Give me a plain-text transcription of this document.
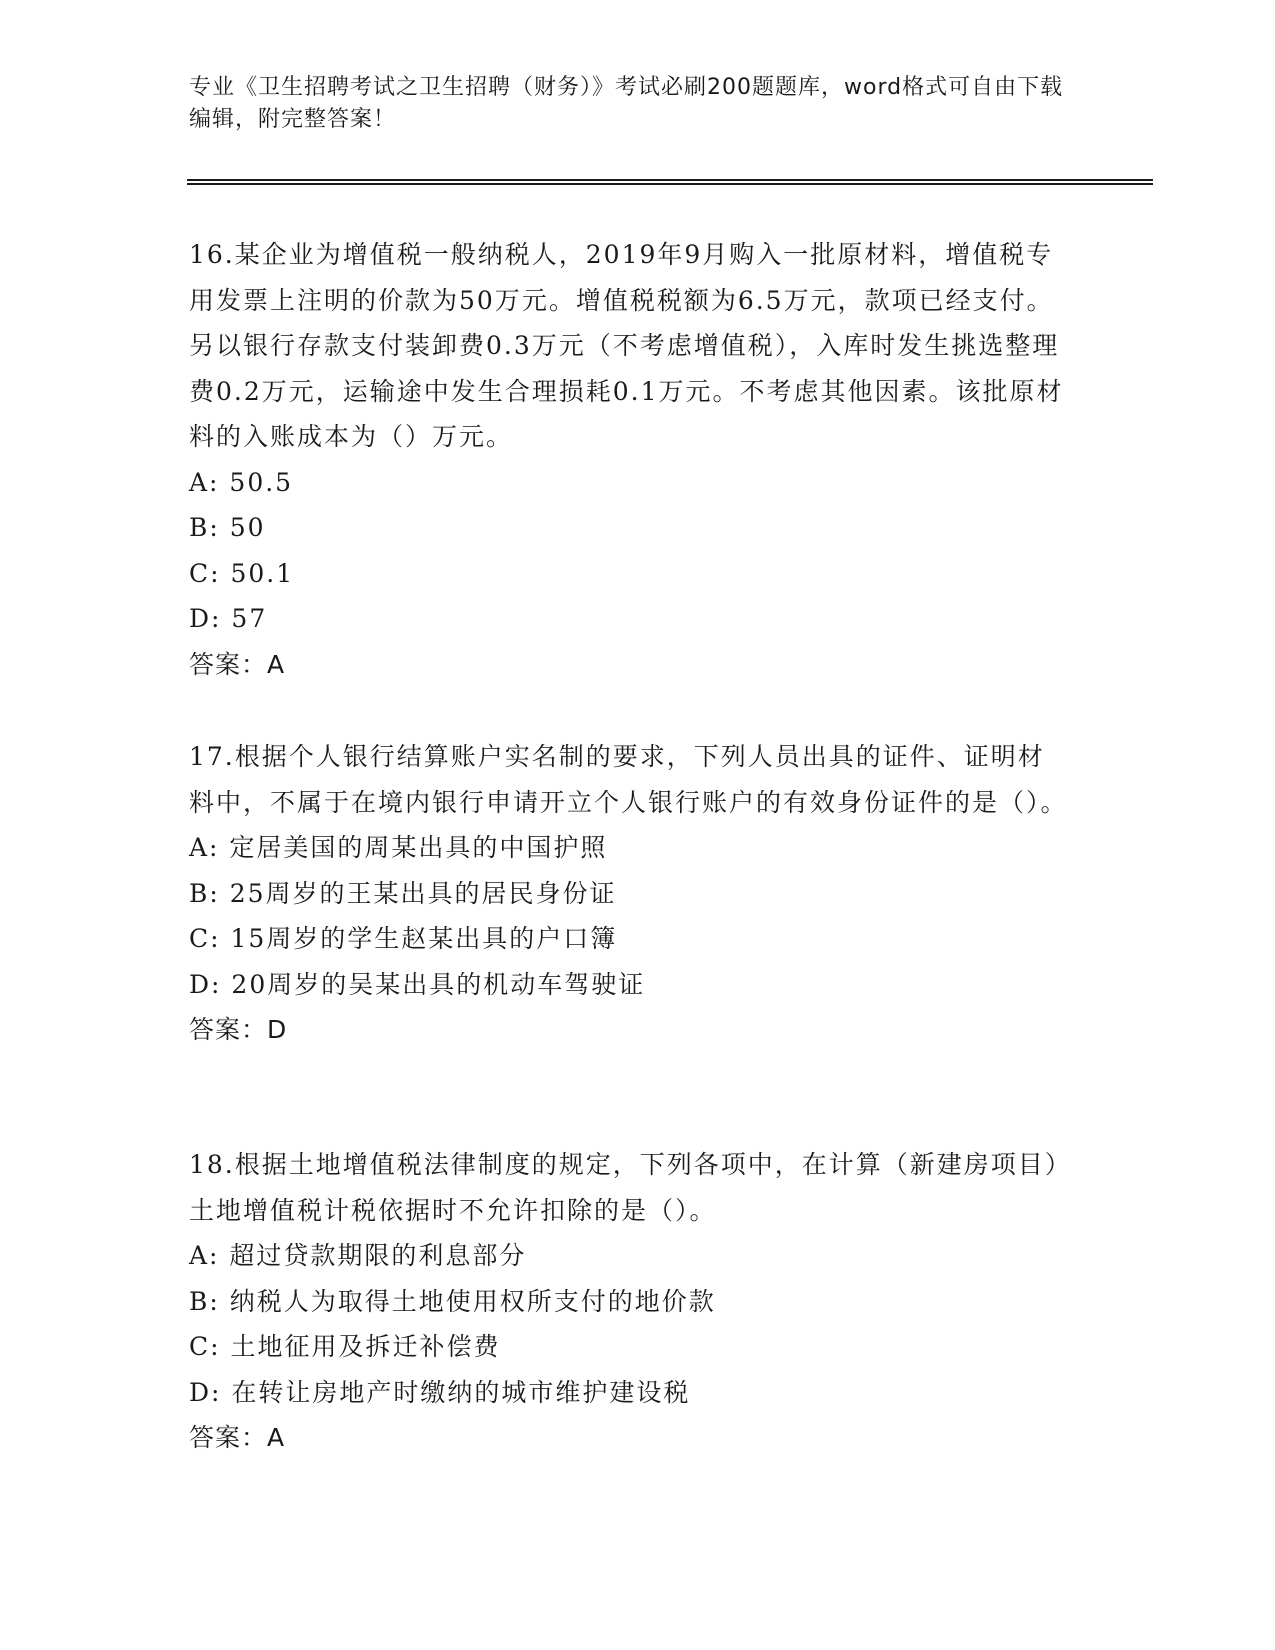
专业《卫生招聘考试之卫生招聘（财务）》考试必刷200题题库，word格式可自由下载编辑，附完整答案！
16.某企业为增值税一般纳税人，2019年9月购入一批原材料，增值税专用发票上注明的价款为50万元。增值税税额为6.5万元，款项已经支付。另以银行存款支付装卸费0.3万元（不考虑增值税），入库时发生挑选整理费0.2万元，运输途中发生合理损耗0.1万元。不考虑其他因素。该批原材料的入账成本为（）万元。
A: 50.5
B: 50
C: 50.1
D: 57
答案：A
17.根据个人银行结算账户实名制的要求，下列人员出具的证件、证明材料中，不属于在境内银行申请开立个人银行账户的有效身份证件的是（）。
A: 定居美国的周某出具的中国护照
B: 25周岁的王某出具的居民身份证
C: 15周岁的学生赵某出具的户口簿
D: 20周岁的吴某出具的机动车驾驶证
答案：D
18.根据土地增值税法律制度的规定，下列各项中，在计算（新建房项目）土地增值税计税依据时不允许扣除的是（）。
A: 超过贷款期限的利息部分
B: 纳税人为取得土地使用权所支付的地价款
C: 土地征用及拆迁补偿费
D: 在转让房地产时缴纳的城市维护建设税
答案：A
